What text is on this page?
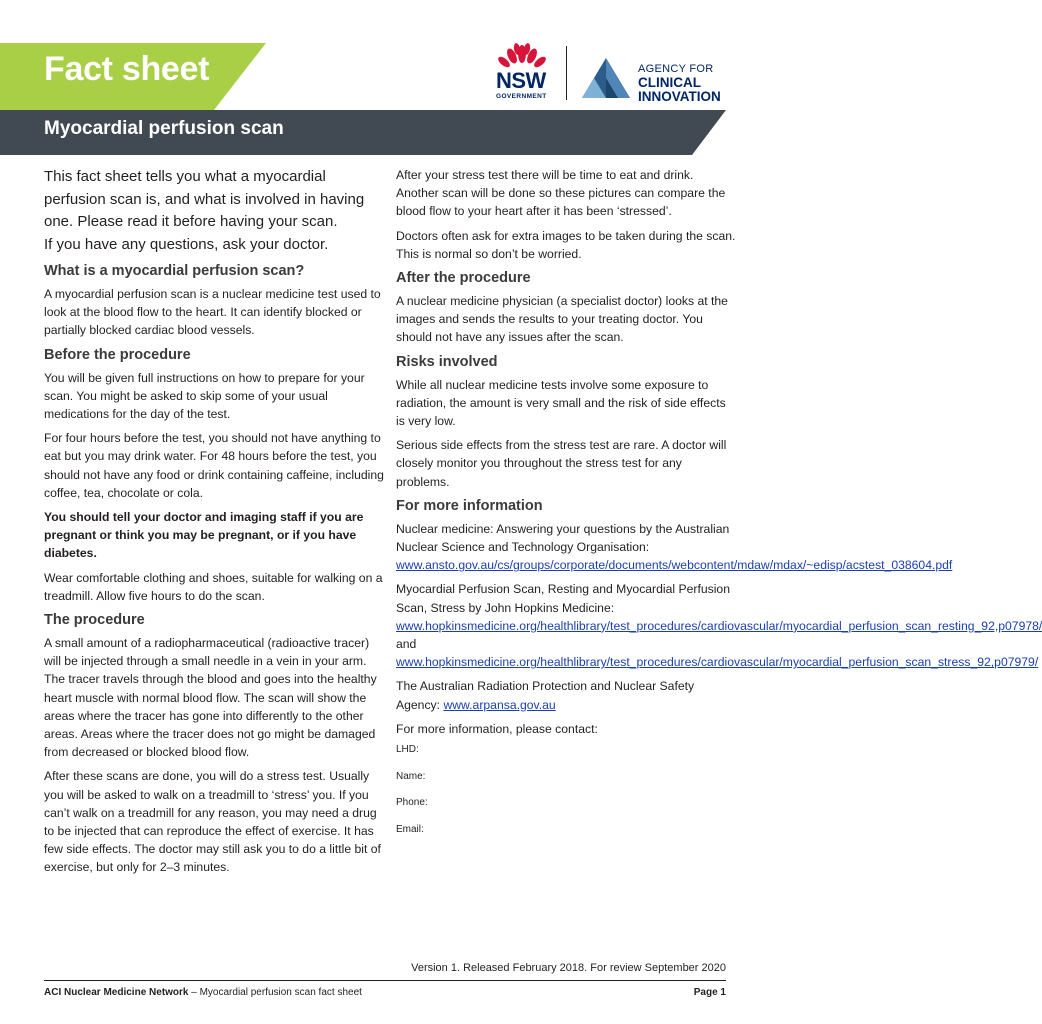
Fact sheet
Myocardial perfusion scan
NSW
GOVERNMENT
AGENCY FOR
CLINICAL
INNOVATION
This fact sheet tells you what a myocardial
perfusion scan is, and what is involved in having
one. Please read it before having your scan.
If you have any questions, ask your doctor.
What is a myocardial perfusion scan?

A myocardial perfusion scan is a nuclear medicine test used to look at the blood flow to the heart. It can identify blocked or partially blocked cardiac blood vessels.

Before the procedure

You will be given full instructions on how to prepare for your scan. You might be asked to skip some of your usual medications for the day of the test.

For four hours before the test, you should not have anything to eat but you may drink water. For 48 hours before the test, you should not have any food or drink containing caffeine, including coffee, tea, chocolate or cola.

You should tell your doctor and imaging staff if you are pregnant or think you may be pregnant, or if you have diabetes.

Wear comfortable clothing and shoes, suitable for walking on a treadmill. Allow five hours to do the scan.

The procedure

A small amount of a radiopharmaceutical (radioactive tracer) will be injected through a small needle in a vein in your arm. The tracer travels through the blood and goes into the healthy heart muscle with normal blood flow. The scan will show the areas where the tracer has gone into differently to the other areas. Areas where the tracer does not go might be damaged from decreased or blocked blood flow.

After these scans are done, you will do a stress test. Usually you will be asked to walk on a treadmill to ‘stress’ you. If you can’t walk on a treadmill for any reason, you may need a drug to be injected that can reproduce the effect of exercise. It has few side effects. The doctor may still ask you to do a little bit of exercise, but only for 2–3 minutes.

After your stress test there will be time to eat and drink. Another scan will be done so these pictures can compare the blood flow to your heart after it has been ‘stressed’.

Doctors often ask for extra images to be taken during the scan. This is normal so don’t be worried.

After the procedure

A nuclear medicine physician (a specialist doctor) looks at the images and sends the results to your treating doctor. You should not have any issues after the scan.

Risks involved

While all nuclear medicine tests involve some exposure to radiation, the amount is very small and the risk of side effects is very low.

Serious side effects from the stress test are rare. A doctor will closely monitor you throughout the stress test for any problems.

For more information

Nuclear medicine: Answering your questions by the Australian Nuclear Science and Technology Organisation: www.ansto.gov.au/cs/groups/corporate/documents/webcontent/mdaw/mdax/~edisp/acstest_038604.pdf

Myocardial Perfusion Scan, Resting and Myocardial Perfusion Scan, Stress by John Hopkins Medicine: www.hopkinsmedicine.org/healthlibrary/test_procedures/cardiovascular/myocardial_perfusion_scan_resting_92,p07978/ and www.hopkinsmedicine.org/healthlibrary/test_procedures/cardiovascular/myocardial_perfusion_scan_stress_92,p07979/

The Australian Radiation Protection and Nuclear Safety Agency: www.arpansa.gov.au

For more information, please contact:

LHD:
Name:
Phone:
Email:
Version 1. Released February 2018. For review September 2020
ACI Nuclear Medicine Network – Myocardial perfusion scan fact sheet	Page 1
